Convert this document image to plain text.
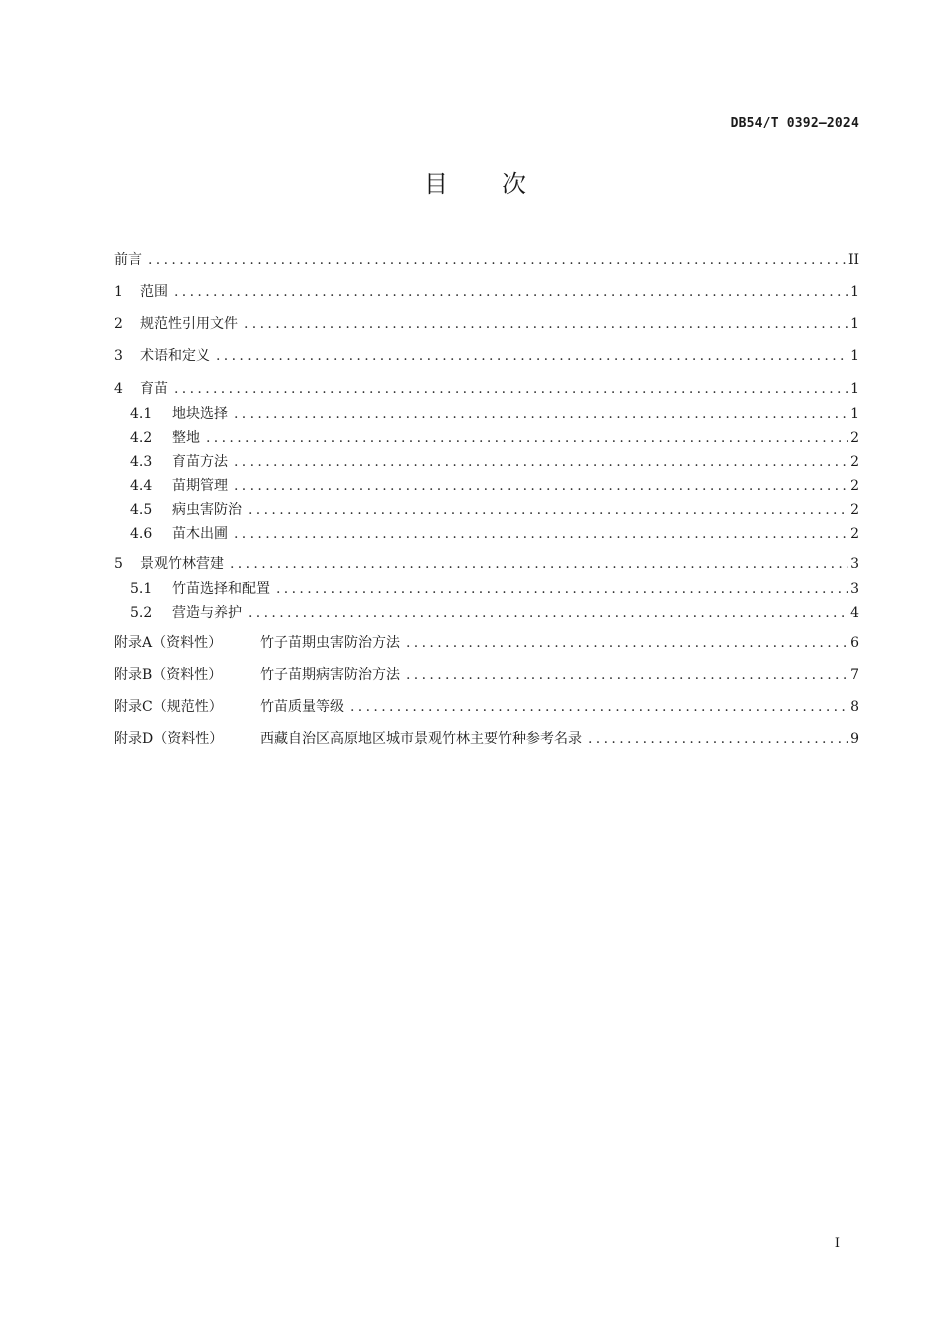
DB54/T 0392—2024
目次
前言 . . .	II
1	范围 . . .	1
2	规范性引用文件 . . .	1
3	术语和定义 . . .	1
4	育苗 . . .	1
4.1	地块选择 . . .	1
4.2	整地 . . .	2
4.3	育苗方法 . . .	2
4.4	苗期管理 . . .	2
4.5	病虫害防治 . . .	2
4.6	苗木出圃 . . .	2
5	景观竹林营建 . . .	3
5.1	竹苗选择和配置 . . .	3
5.2	营造与养护 . . .	4
附录A（资料性）	竹子苗期虫害防治方法 . . .	6
附录B（资料性）	竹子苗期病害防治方法 . . .	7
附录C（规范性）	竹苗质量等级 . . .	8
附录D（资料性）	西藏自治区高原地区城市景观竹林主要竹种参考名录 . . .	9
I
